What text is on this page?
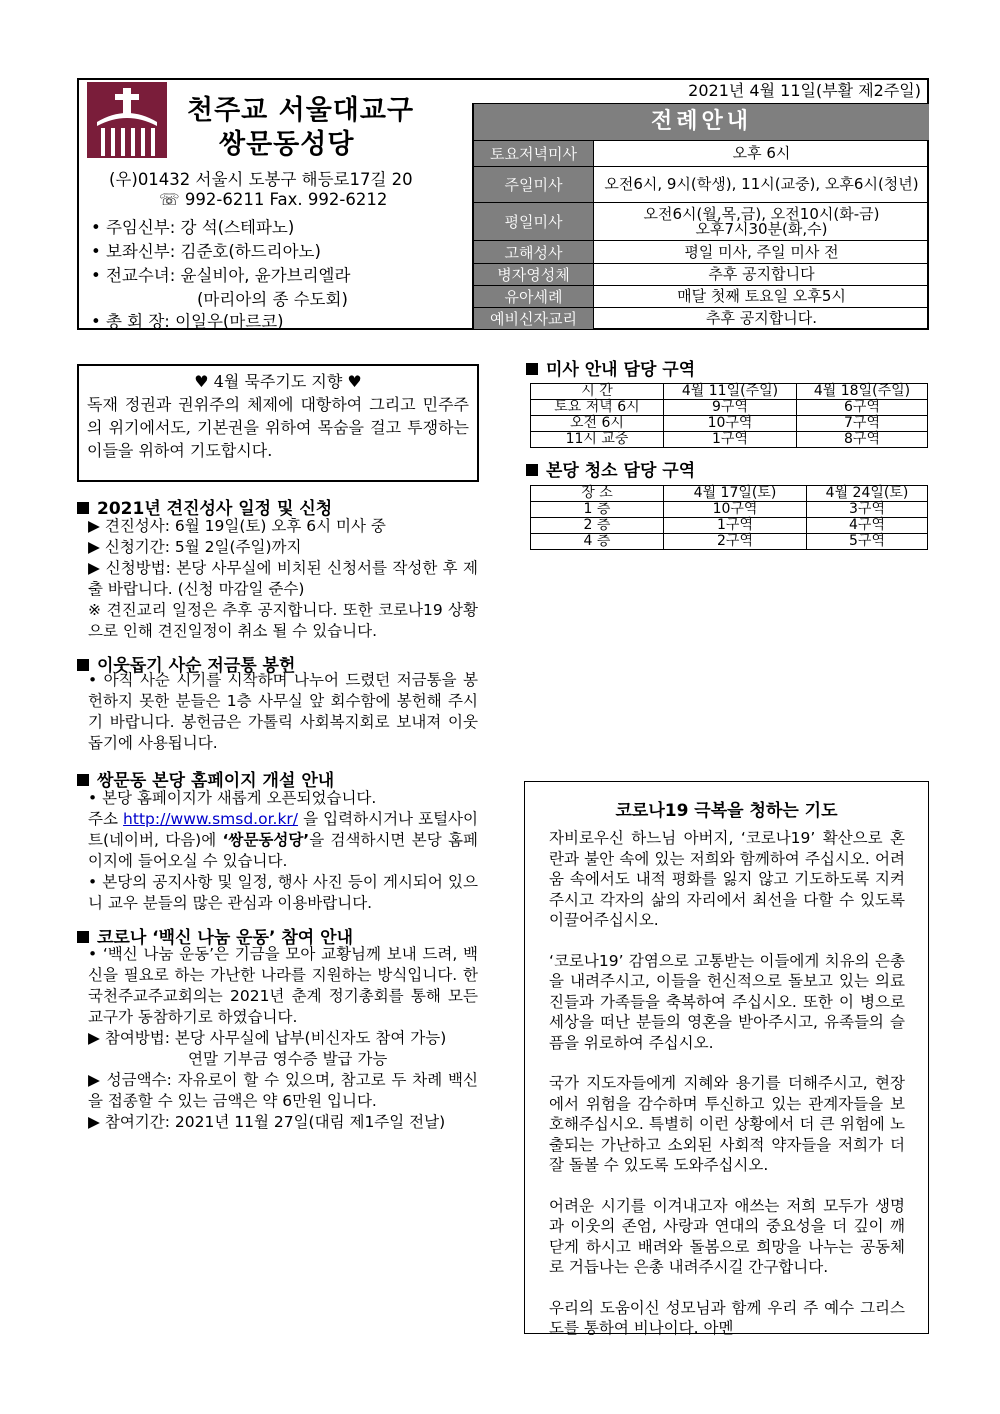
천주교 서울대교구
쌍문동성당
(우)01432 서울시 도봉구 해등로17길 20
☏ 992-6211 Fax. 992-6212
• 주임신부: 강 석(스테파노)
• 보좌신부: 김준호(하드리아노)
• 전교수녀: 윤실비아, 윤가브리엘라
(마리아의 종 수도회)
• 총 회 장: 이일우(마르코)
2021년 4월 11일(부활 제2주일)
전례안내
토요저녁미사	오후 6시
주일미사	오전6시, 9시(학생), 11시(교중), 오후6시(청년)
평일미사	오전6시(월,목,금), 오전10시(화-금)
오후7시30분(화,수)
고해성사	평일 미사, 주일 미사 전
병자영성체	추후 공지합니다
유아세례	매달 첫째 토요일 오후5시
예비신자교리	추후 공지합니다.
♥ 4월 묵주기도 지향 ♥
독재 정권과 권위주의 체제에 대항하여 그리고 민주주의 위기에서도, 기본권을 위하여 목숨을 걸고 투쟁하는 이들을 위하여 기도합시다.
2021년 견진성사 일정 및 신청

▶ 견진성사: 6월 19일(토) 오후 6시 미사 중

▶ 신청기간: 5월 2일(주일)까지

▶ 신청방법: 본당 사무실에 비치된 신청서를 작성한 후 제출 바랍니다. (신청 마감일 준수)

※ 견진교리 일정은 추후 공지합니다. 또한 코로나19 상황으로 인해 견진일정이 취소 될 수 있습니다.

이웃돕기 사순 저금통 봉헌

• 아직 사순 시기를 시작하며 나누어 드렸던 저금통을 봉헌하지 못한 분들은 1층 사무실 앞 회수함에 봉헌해 주시기 바랍니다. 봉헌금은 가톨릭 사회복지회로 보내져 이웃돕기에 사용됩니다.

쌍문동 본당 홈페이지 개설 안내

• 본당 홈페이지가 새롭게 오픈되었습니다.

주소 http://www.smsd.or.kr/ 을 입력하시거나 포털사이트(네이버, 다음)에 ‘쌍문동성당’을 검색하시면 본당 홈페이지에 들어오실 수 있습니다.

• 본당의 공지사항 및 일정, 행사 사진 등이 게시되어 있으니 교우 분들의 많은 관심과 이용바랍니다.

코로나 ‘백신 나눔 운동’ 참여 안내

• ‘백신 나눔 운동’은 기금을 모아 교황님께 보내 드려, 백신을 필요로 하는 가난한 나라를 지원하는 방식입니다. 한국천주교주교회의는 2021년 춘계 정기총회를 통해 모든 교구가 동참하기로 하였습니다.

▶ 참여방법: 본당 사무실에 납부(비신자도 참여 가능)

연말 기부금 영수증 발급 가능

▶ 성금액수: 자유로이 할 수 있으며, 참고로 두 차례 백신을 접종할 수 있는 금액은 약 6만원 입니다.

▶ 참여기간: 2021년 11월 27일(대림 제1주일 전날)

미사 안내 담당 구역
시 간	4월 11일(주일)	4월 18일(주일)
토요 저녁 6시	9구역	6구역
오전 6시	10구역	7구역
11시 교중	1구역	8구역
본당 청소 담당 구역
장 소	4월 17일(토)	4월 24일(토)
1 층	10구역	3구역
2 층	1구역	4구역
4 층	2구역	5구역
코로나19 극복을 청하는 기도

자비로우신 하느님 아버지, ‘코로나19’ 확산으로 혼란과 불안 속에 있는 저희와 함께하여 주십시오. 어려움 속에서도 내적 평화를 잃지 않고 기도하도록 지켜주시고 각자의 삶의 자리에서 최선을 다할 수 있도록 이끌어주십시오.

‘코로나19’ 감염으로 고통받는 이들에게 치유의 은총을 내려주시고, 이들을 헌신적으로 돌보고 있는 의료진들과 가족들을 축복하여 주십시오. 또한 이 병으로 세상을 떠난 분들의 영혼을 받아주시고, 유족들의 슬픔을 위로하여 주십시오.

국가 지도자들에게 지혜와 용기를 더해주시고, 현장에서 위험을 감수하며 투신하고 있는 관계자들을 보호해주십시오. 특별히 이런 상황에서 더 큰 위험에 노출되는 가난하고 소외된 사회적 약자들을 저희가 더 잘 돌볼 수 있도록 도와주십시오.

어려운 시기를 이겨내고자 애쓰는 저희 모두가 생명과 이웃의 존엄, 사랑과 연대의 중요성을 더 깊이 깨닫게 하시고 배려와 돌봄으로 희망을 나누는 공동체로 거듭나는 은총 내려주시길 간구합니다.

우리의 도움이신 성모님과 함께 우리 주 예수 그리스도를 통하여 비나이다. 아멘
